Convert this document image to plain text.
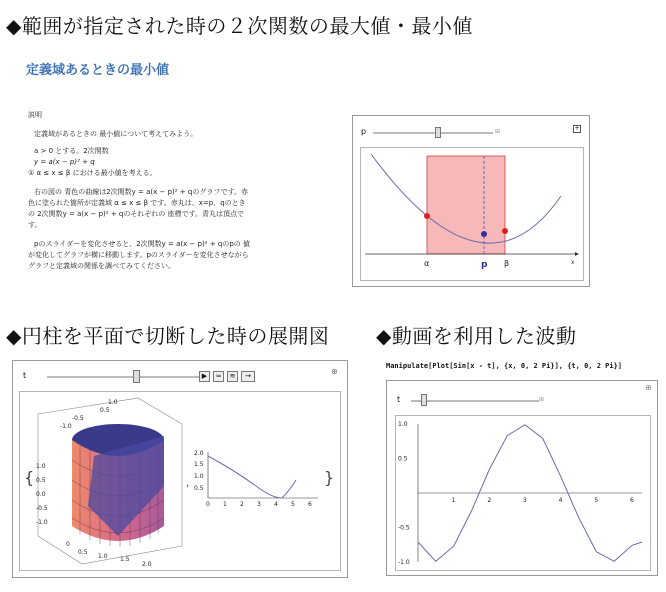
◆範囲が指定された時の２次関数の最大値・最小値
定義域あるときの最小値

説明

定義域があるときの 最小値について考えてみよう。

a > 0 とする。2次関数

y = a(x − p)² + q

① α ≤ x ≤ β における最小値を考える。

右の図の 青色の曲線は2次関数y = a(x − p)² + qのグラフです。赤

色に塗られた箇所が定義域 α ≤ x ≤ β です。赤丸は、x=p、qのとき

の 2次関数y = a(x − p)² + qのそれぞれの 座標です。青丸は頂点で

す。

pのスライダーを変化させると、2次関数y = a(x − p)² + qのpの 値

が変化してグラフが横に移動します。pのスライダーを変化させながら

グラフと定義域の関係を調べてみてください。

p	⊞	+
α	p β	x
◆円柱を平面で切断した時の展開図
t	▶	≈	≋	→	⊕
{	}
,
1.0
0.5
-0.5
-1.0
1.0
0.5
0.0
-0.5
-1.0
0
0.5
1.0 1.5
2.0
2.0
1.5
1.0
0.5
0 1 2 3 4 5 6
◆動画を利用した波動
Manipulate[Plot[Sin[x - t], {x, 0, 2 Pi}], {t, 0, 2 Pi}]
t	⊞
⊕
1.0
0.5
-0.5
-1.0
1	2	3	4	5	6
